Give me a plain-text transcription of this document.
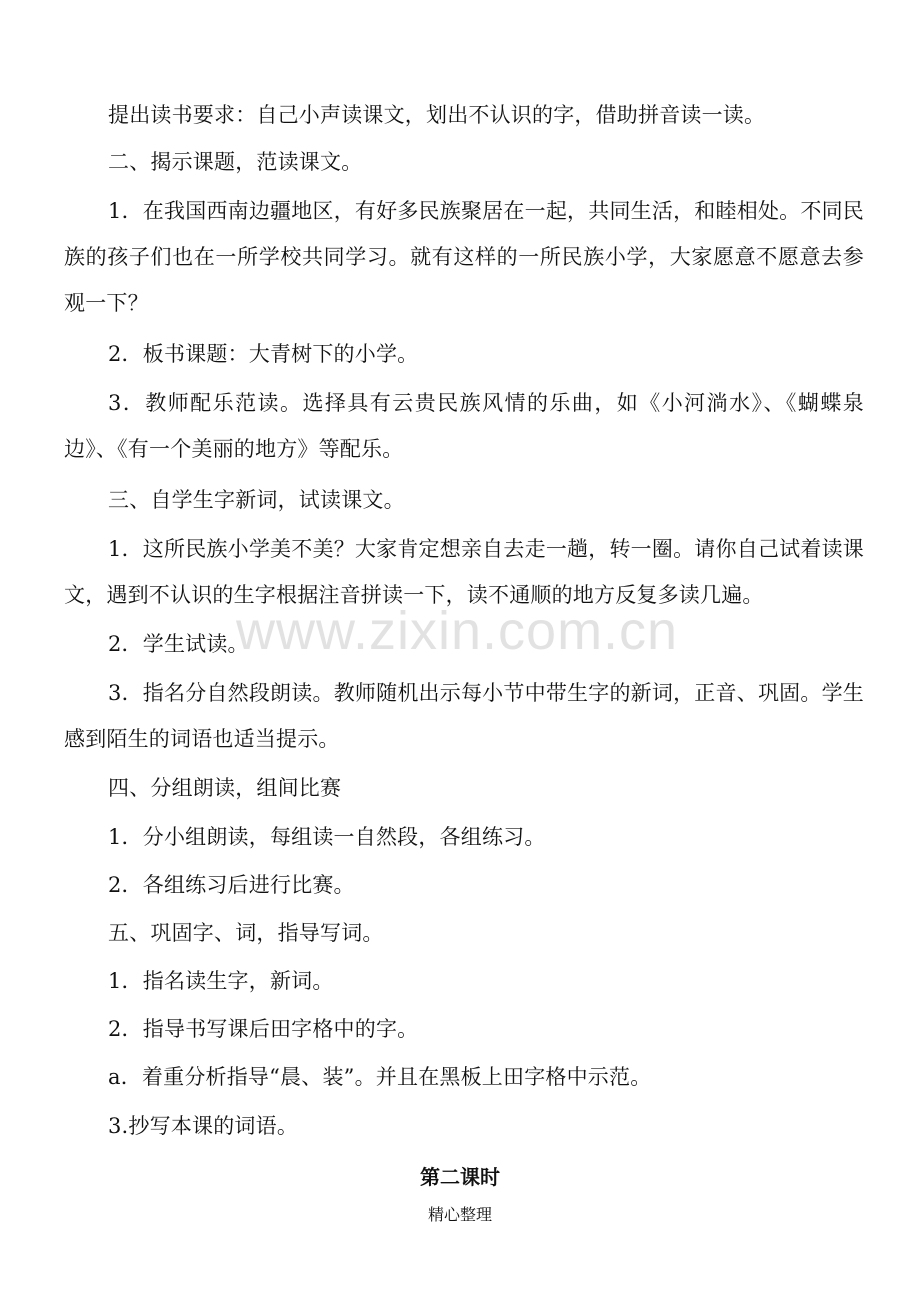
提出读书要求：自己小声读课文，划出不认识的字，借助拼音读一读。

二、揭示课题，范读课文。

1．在我国西南边疆地区，有好多民族聚居在一起，共同生活，和睦相处。不同民族的孩子们也在一所学校共同学习。就有这样的一所民族小学，大家愿意不愿意去参观一下？

2．板书课题：大青树下的小学。

3．教师配乐范读。选择具有云贵民族风情的乐曲，如《小河淌水》、《蝴蝶泉边》、《有一个美丽的地方》等配乐。

三、自学生字新词，试读课文。

1．这所民族小学美不美？大家肯定想亲自去走一趟，转一圈。请你自己试着读课文，遇到不认识的生字根据注音拼读一下，读不通顺的地方反复多读几遍。

2．学生试读。

3．指名分自然段朗读。教师随机出示每小节中带生字的新词，正音、巩固。学生感到陌生的词语也适当提示。

四、分组朗读，组间比赛

1．分小组朗读，每组读一自然段，各组练习。

2．各组练习后进行比赛。

五、巩固字、词，指导写词。

1．指名读生字，新词。

2．指导书写课后田字格中的字。

a．着重分析指导“晨、装”。并且在黑板上田字格中示范。

3.抄写本课的词语。

第二课时

精心整理

www.zixin.com.cn
